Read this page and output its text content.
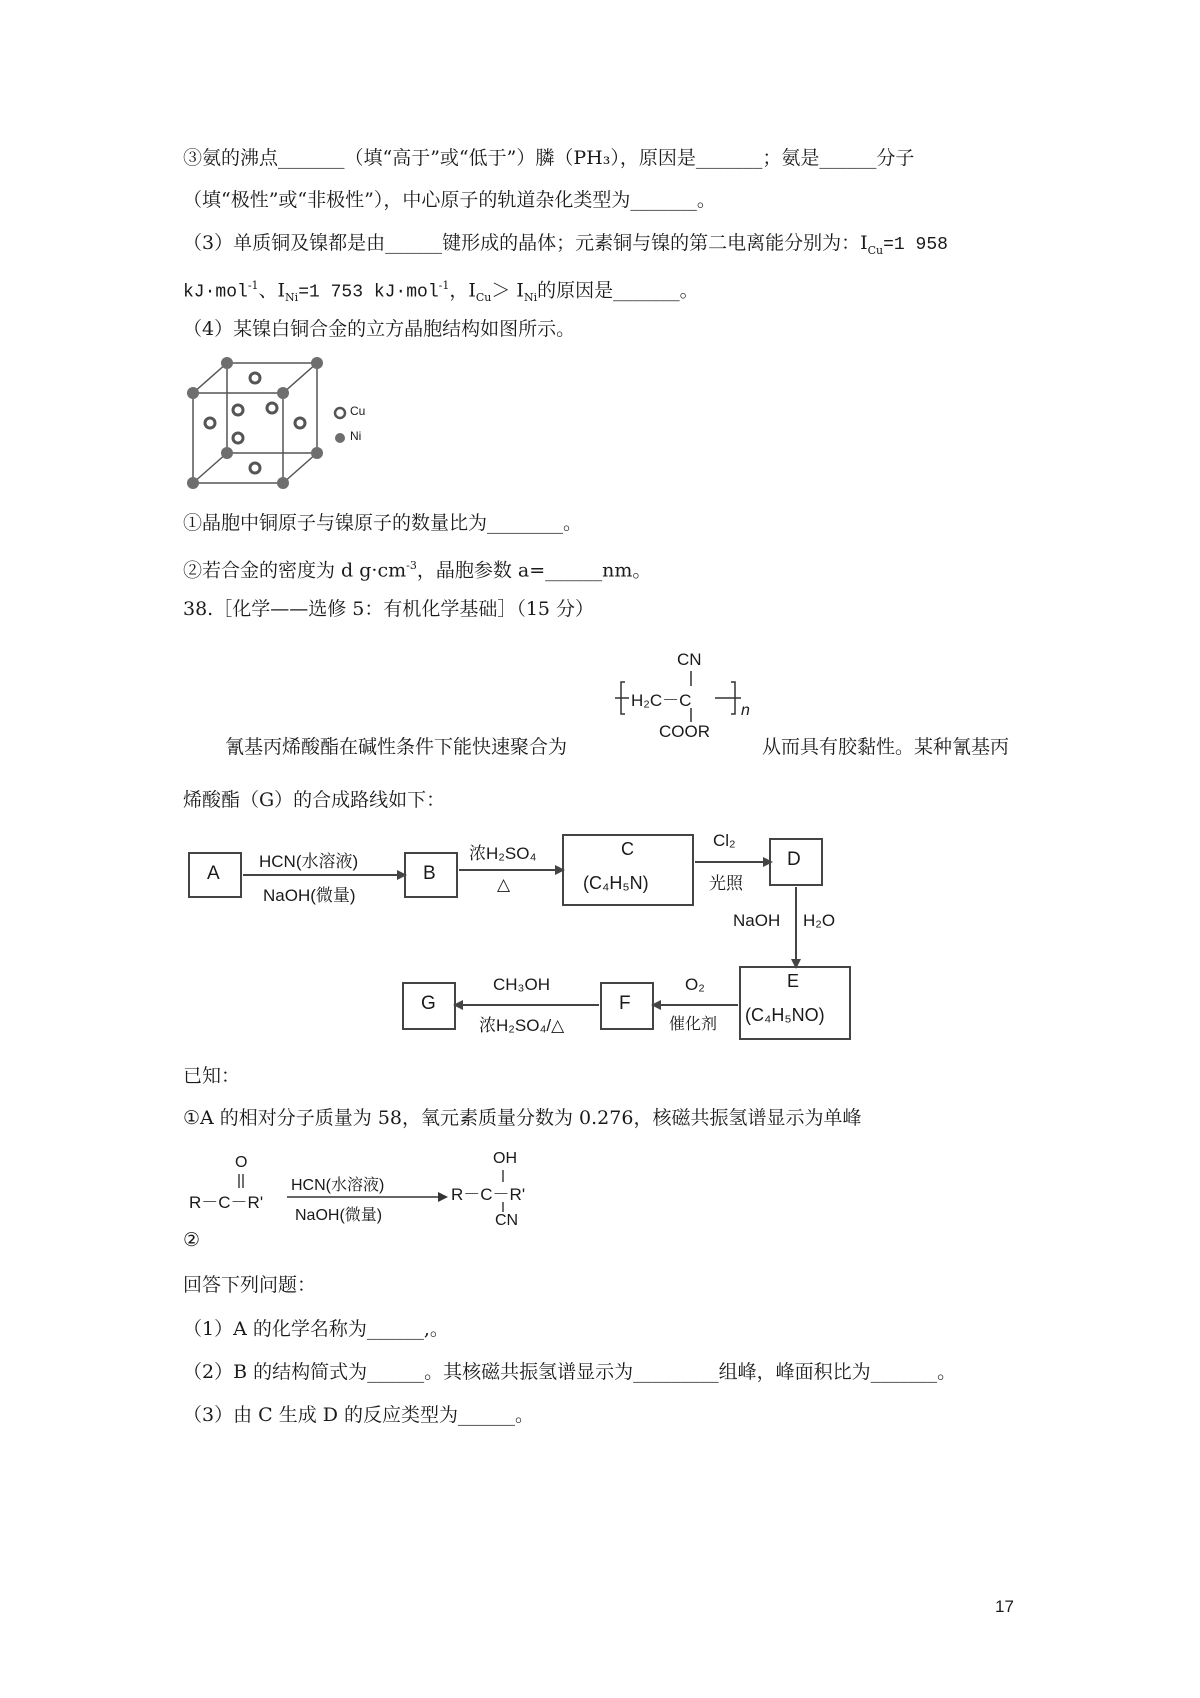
③氨的沸点_______（填“高于”或“低于”）膦（PH₃），原因是_______；氨是______分子
（填“极性”或“非极性”），中心原子的轨道杂化类型为_______。
（3）单质铜及镍都是由______键形成的晶体；元素铜与镍的第二电离能分别为：$I_{Cu}=1$ 958
kJ·mol$^{-1}$、$I_{Ni}=1$ 753 kJ·mol$^{-1}$，$I_{Cu}> I_{Ni}$的原因是_______。
（4）某镍白铜合金的立方晶胞结构如图所示。
Cu
Ni
①晶胞中铜原子与镍原子的数量比为________。
②若合金的密度为 d $g\cdot cm^{-3}$，晶胞参数 a=______nm。
38.［化学——选修 5：有机化学基础］（15 分）
CN
H₂C－C
n
COOR
氰基丙烯酸酯在碱性条件下能快速聚合为	从而具有胶黏性。某种氰基丙
烯酸酯（G）的合成路线如下：
A	B
C
(C₄H₅N)
D
E
(C₄H₅NO)
F
G
HCN(水溶液)
NaOH(微量)
浓H₂SO₄
△
Cl₂
光照
NaOH H₂O
O₂
催化剂
CH₃OH
浓H₂SO₄/△
已知：
①A 的相对分子质量为 58，氧元素质量分数为 0.276，核磁共振氢谱显示为单峰
O
R－C－R'
HCN(水溶液)
NaOH(微量)
OH
R－C－R'
CN
②
回答下列问题：
（1）A 的化学名称为______,。
（2）B 的结构简式为______。其核磁共振氢谱显示为_________组峰，峰面积比为_______。
（3）由 C 生成 D 的反应类型为______。
17
